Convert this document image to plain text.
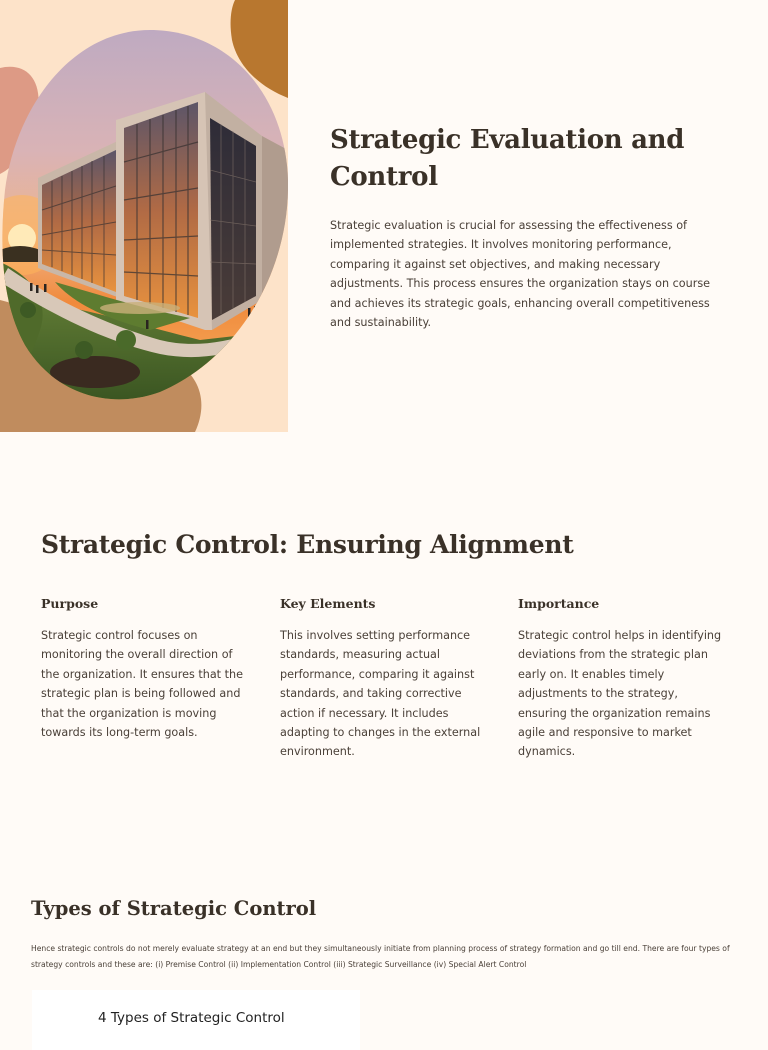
Strategic Evaluation and Control

Strategic evaluation is crucial for assessing the effectiveness of implemented strategies. It involves monitoring performance, comparing it against set objectives, and making necessary adjustments. This process ensures the organization stays on course and achieves its strategic goals, enhancing overall competitiveness and sustainability.

Strategic Control: Ensuring Alignment
Purpose

Strategic control focuses on monitoring the overall direction of the organization. It ensures that the strategic plan is being followed and that the organization is moving towards its long-term goals.

Key Elements

This involves setting performance standards, measuring actual performance, comparing it against standards, and taking corrective action if necessary. It includes adapting to changes in the external environment.

Importance

Strategic control helps in identifying deviations from the strategic plan early on. It enables timely adjustments to the strategy, ensuring the organization remains agile and responsive to market dynamics.

Types of Strategic Control

Hence strategic controls do not merely evaluate strategy at an end but they simultaneously initiate from planning process of strategy formation and go till end. There are four types of strategy controls and these are: (i) Premise Control (ii) Implementation Control (iii) Strategic Surveillance (iv) Special Alert Control

4 Types of Strategic Control
